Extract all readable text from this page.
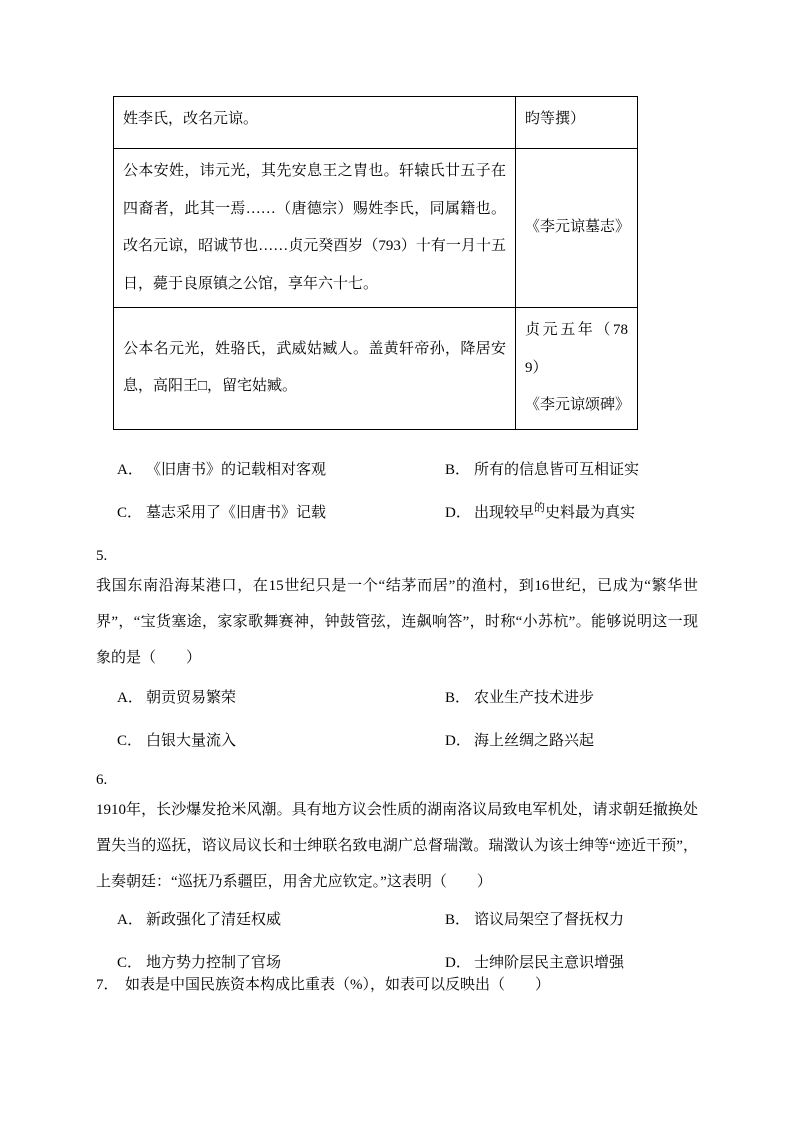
姓李氏，改名元谅。	昀等撰）
公本安姓，讳元光，其先安息王之胄也。轩辕氏廿五子在四裔者，此其一焉……（唐德宗）赐姓李氏，同属籍也。改名元谅，昭诚节也……贞元癸酉岁（793）十有一月十五日，薨于良原镇之公馆，享年六十七。	《李元谅墓志》
公本名元光，姓骆氏，武威姑臧人。盖黄轩帝孙，降居安息，高阳王□，留宅姑臧。	贞元五年（789）
《李元谅颂碑》
A． 《旧唐书》的记载相对客观	B． 所有的信息皆可互相证实
C． 墓志采用了《旧唐书》记载	D． 出现较早$^的$史料最为真实
5.
我国东南沿海某港口，在15世纪只是一个“结茅而居”的渔村，到16世纪，已成为“繁华世界”，“宝货塞途，家家歌舞赛神，钟鼓管弦，连飙响答”，时称“小苏杭”。能够说明这一现象的是（　　）
A． 朝贡贸易繁荣	B． 农业生产技术进步
C． 白银大量流入	D． 海上丝绸之路兴起
6.
1910年，长沙爆发抢米风潮。具有地方议会性质的湖南洛议局致电军机处，请求朝廷撤换处置失当的巡抚，谘议局议长和士绅联名致电湖广总督瑞澂。瑞澂认为该士绅等“迹近干预”，上奏朝廷：“巡抚乃系疆臣，用舍尤应钦定。”这表明（　　）
A． 新政强化了清廷权威	B． 谘议局架空了督抚权力
C． 地方势力控制了官场	D． 士绅阶层民主意识增强
7． 如表是中国民族资本构成比重表（%），如表可以反映出（　　）
